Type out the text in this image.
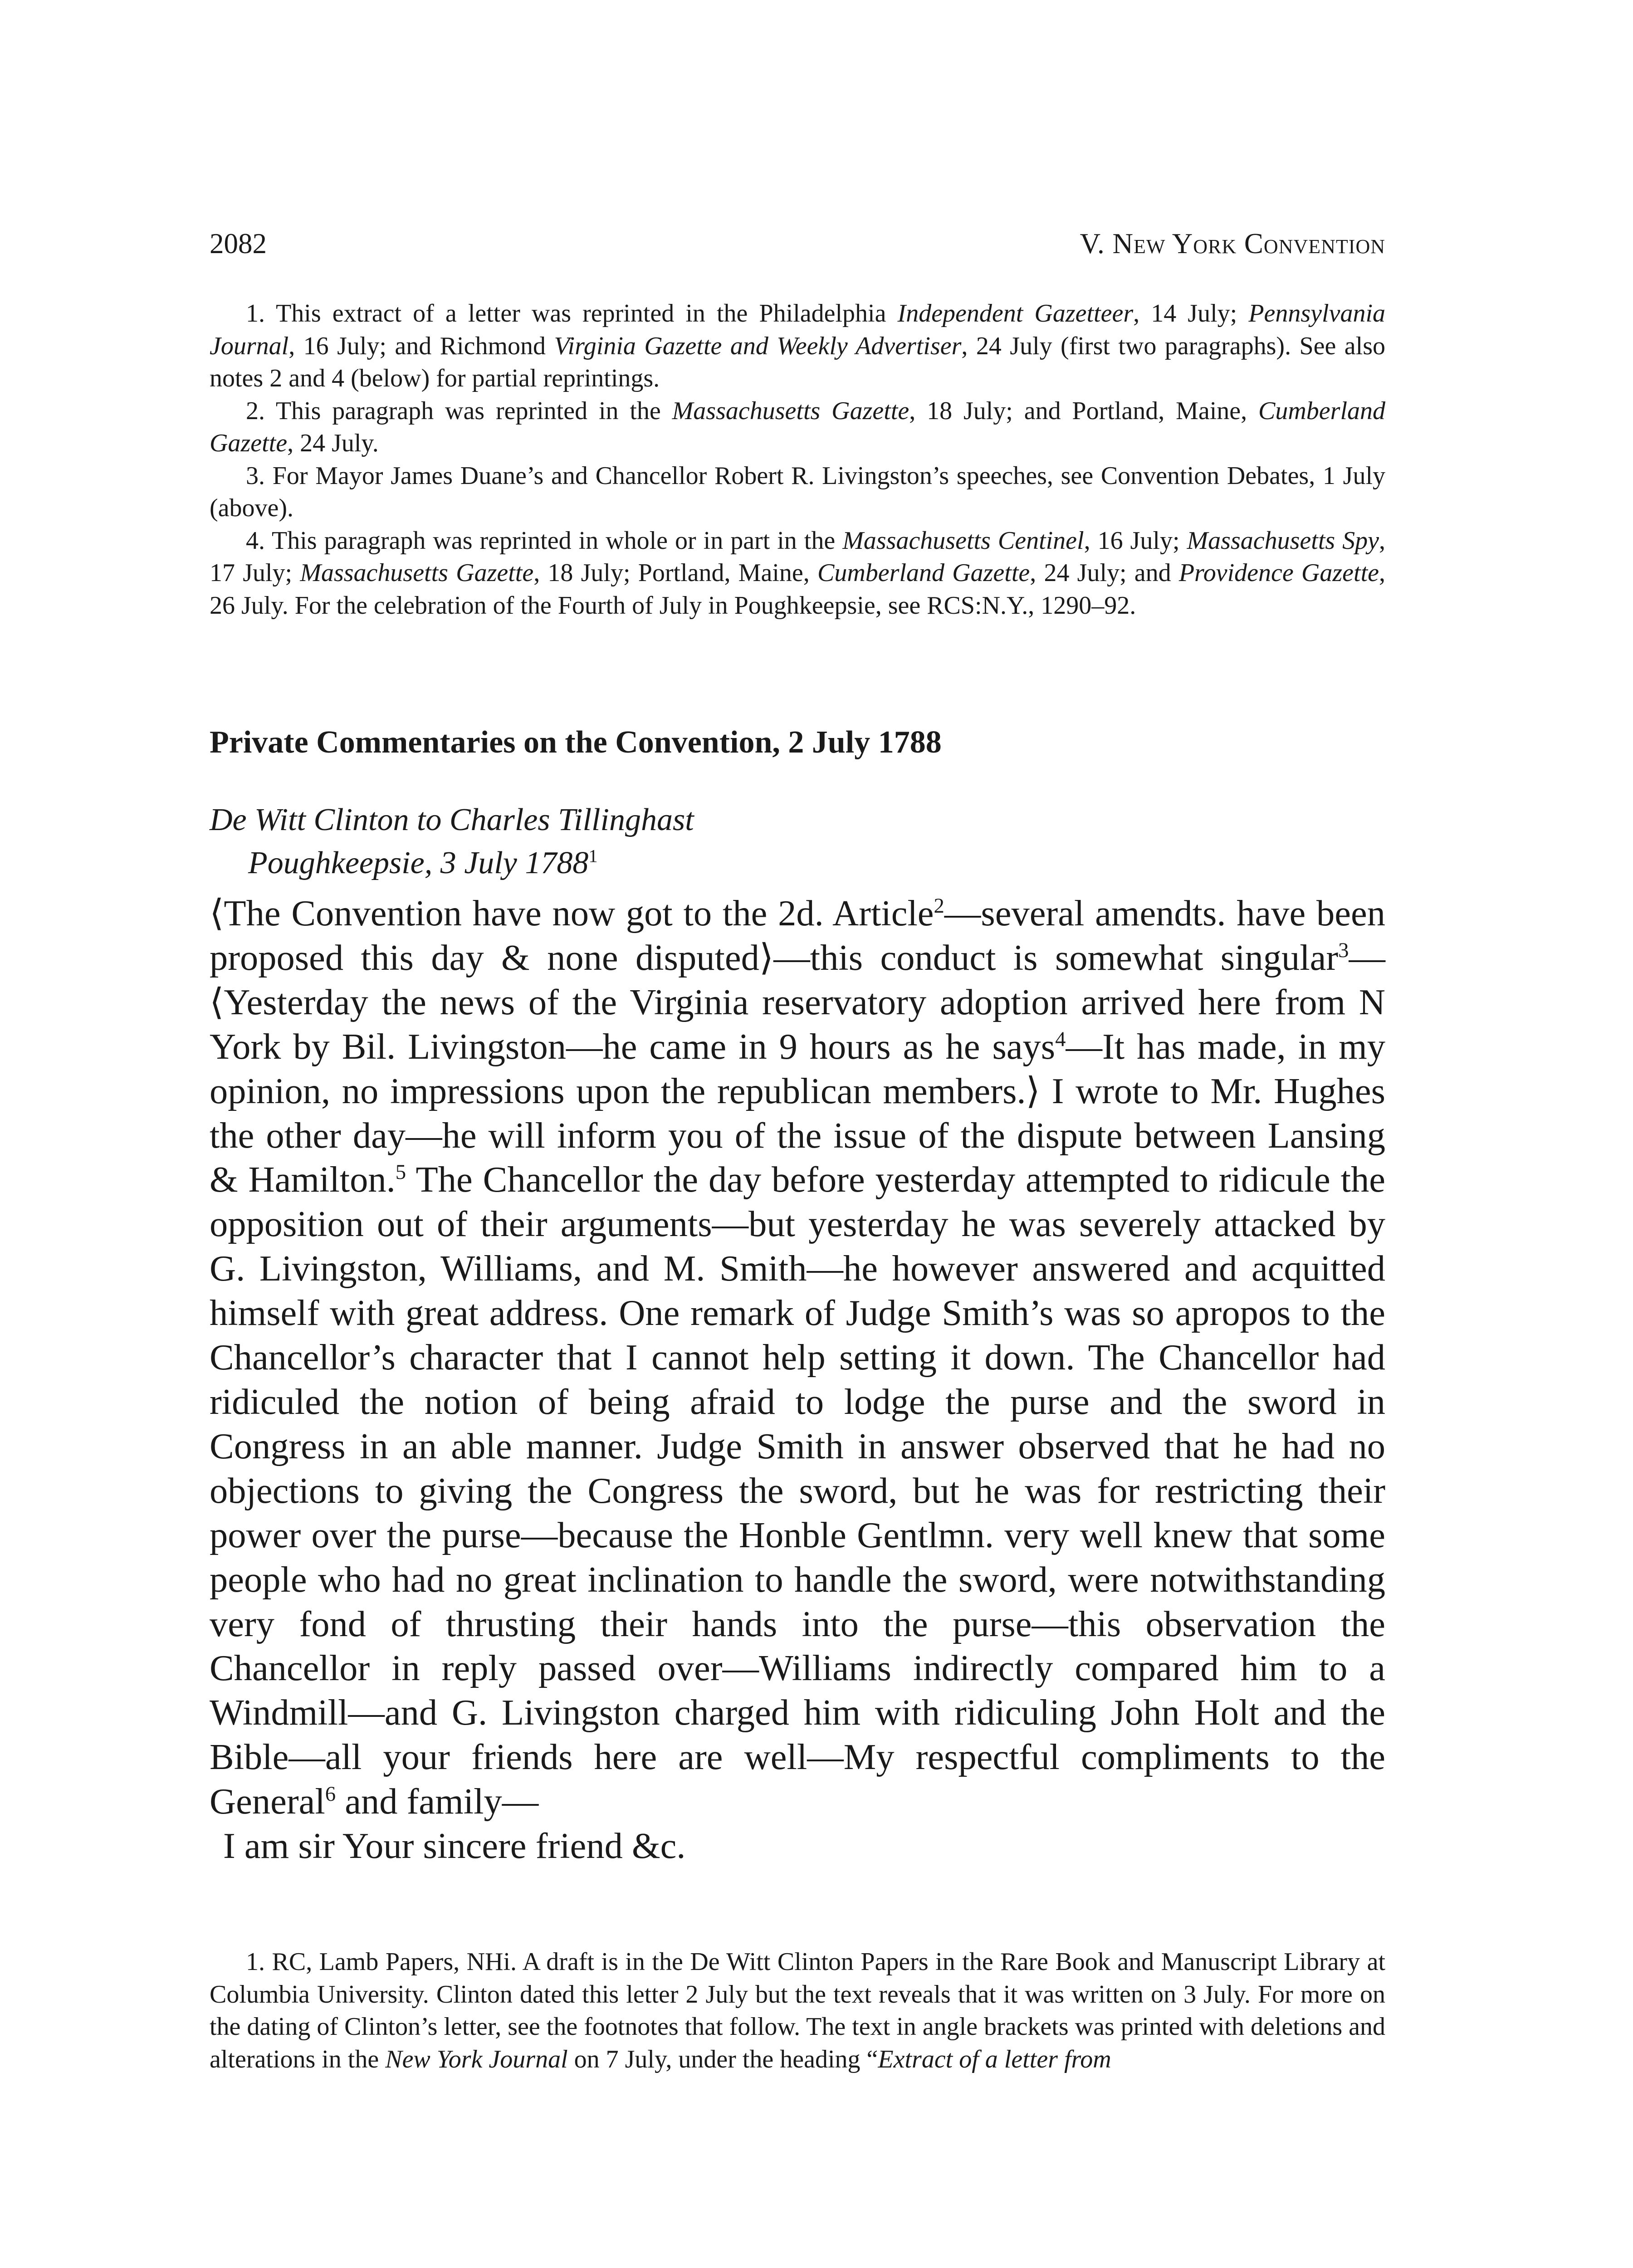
2082	V. New York Convention

1. This extract of a letter was reprinted in the Philadelphia Independent Gazetteer, 14 July; Pennsylvania Journal, 16 July; and Richmond Virginia Gazette and Weekly Advertiser, 24 July (first two paragraphs). See also notes 2 and 4 (below) for partial reprintings.

2. This paragraph was reprinted in the Massachusetts Gazette, 18 July; and Portland, Maine, Cumberland Gazette, 24 July.

3. For Mayor James Duane’s and Chancellor Robert R. Livingston’s speeches, see Convention Debates, 1 July (above).

4. This paragraph was reprinted in whole or in part in the Massachusetts Centinel, 16 July; Massachusetts Spy, 17 July; Massachusetts Gazette, 18 July; Portland, Maine, Cumberland Gazette, 24 July; and Providence Gazette, 26 July. For the celebration of the Fourth of July in Poughkeepsie, see RCS:N.Y., 1290–92.

Private Commentaries on the Convention, 2 July 1788
De Witt Clinton to Charles Tillinghast
Poughkeepsie, 3 July 1788$^1$

⟨The Convention have now got to the 2d. Article$^2$—several amendts. have been proposed this day & none disputed⟩—this conduct is somewhat singular$^3$—⟨Yesterday the news of the Virginia reservatory adoption arrived here from N York by Bil. Livingston—he came in 9 hours as he says$^4$—It has made, in my opinion, no impressions upon the republican members.⟩ I wrote to Mr. Hughes the other day—he will inform you of the issue of the dispute between Lansing & Hamilton.$^5$ The Chancellor the day before yesterday attempted to ridicule the opposition out of their arguments—but yesterday he was severely attacked by G. Livingston, Williams, and M. Smith—he however answered and acquitted himself with great address. One remark of Judge Smith’s was so apropos to the Chancellor’s character that I cannot help setting it down. The Chancellor had ridiculed the notion of being afraid to lodge the purse and the sword in Congress in an able manner. Judge Smith in answer observed that he had no objections to giving the Congress the sword, but he was for restricting their power over the purse—because the Honble Gentlmn. very well knew that some people who had no great inclination to handle the sword, were notwithstanding very fond of thrusting their hands into the purse—this observation the Chancellor in reply passed over—Williams indirectly compared him to a Windmill—and G. Livingston charged him with ridiculing John Holt and the Bible—all your friends here are well—My respectful compliments to the General$^6$ and family—

I am sir Your sincere friend &c.

1. RC, Lamb Papers, NHi. A draft is in the De Witt Clinton Papers in the Rare Book and Manuscript Library at Columbia University. Clinton dated this letter 2 July but the text reveals that it was written on 3 July. For more on the dating of Clinton’s letter, see the footnotes that follow. The text in angle brackets was printed with deletions and alterations in the New York Journal on 7 July, under the heading “Extract of a letter from
